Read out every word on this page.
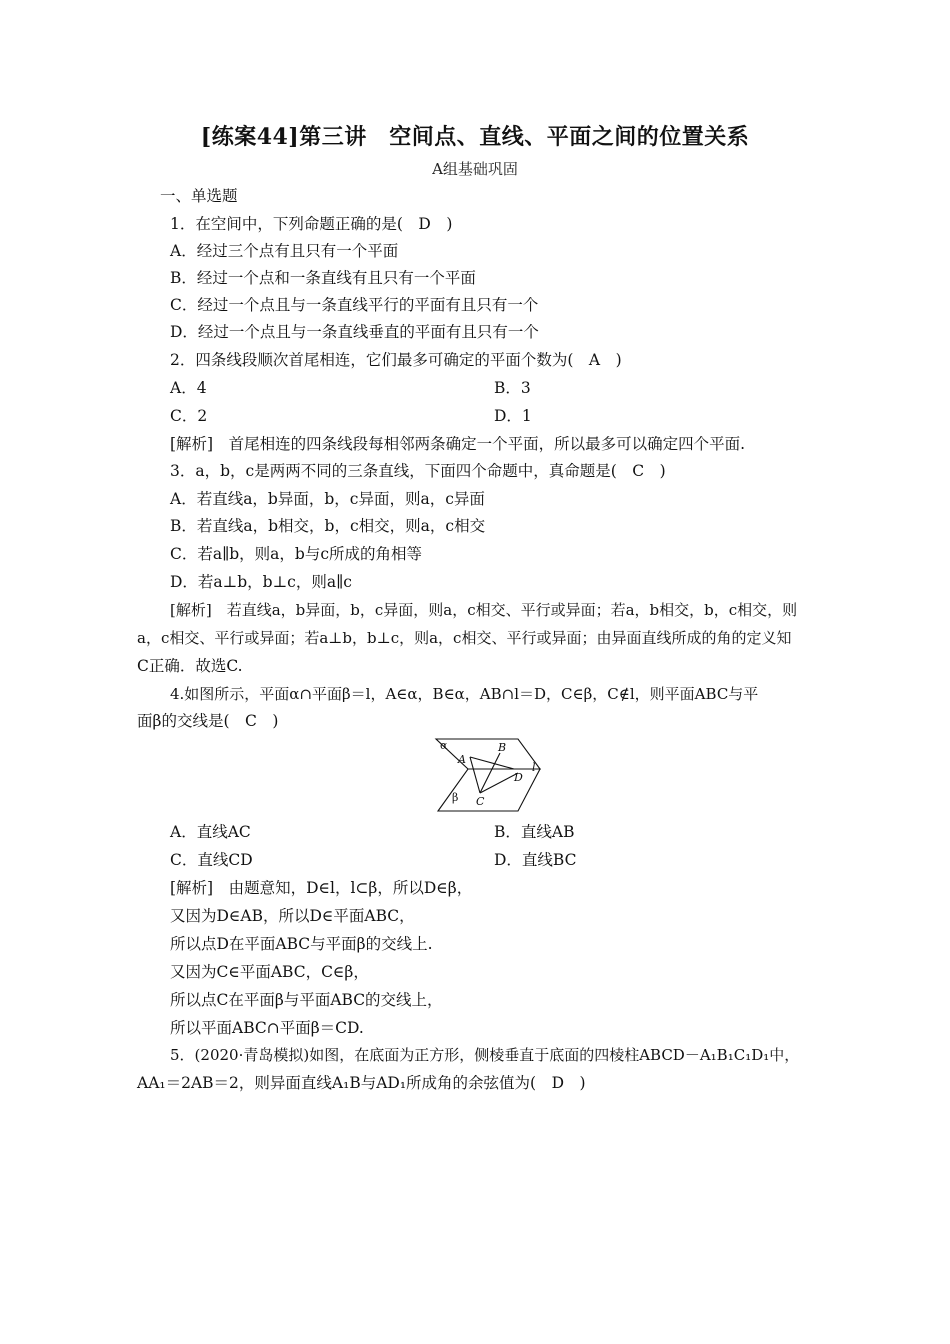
[练案44]第三讲　空间点、直线、平面之间的位置关系
A组基础巩固
一、单选题
1．在空间中，下列命题正确的是(　D　)
A．经过三个点有且只有一个平面
B．经过一个点和一条直线有且只有一个平面
C．经过一个点且与一条直线平行的平面有且只有一个
D．经过一个点且与一条直线垂直的平面有且只有一个
2．四条线段顺次首尾相连，它们最多可确定的平面个数为(　A　)
A．4	B．3
C．2	D．1
[解析]　首尾相连的四条线段每相邻两条确定一个平面，所以最多可以确定四个平面.
3．a，b，c是两两不同的三条直线，下面四个命题中，真命题是(　C　)
A．若直线a，b异面，b，c异面，则a，c异面
B．若直线a，b相交，b，c相交，则a，c相交
C．若a∥b，则a，b与c所成的角相等
D．若a⊥b，b⊥c，则a∥c
[解析]　若直线a，b异面，b，c异面，则a，c相交、平行或异面；若a，b相交，b，c相交，则
a，c相交、平行或异面；若a⊥b，b⊥c，则a，c相交、平行或异面；由异面直线所成的角的定义知
C正确．故选C.
4.如图所示，平面α∩平面β＝l，A∈α，B∈α，AB∩l＝D，C∈β，C∉l，则平面ABC与平
面β的交线是(　C　)
α
A
B
l
D
β C
A．直线AC	B．直线AB
C．直线CD	D．直线BC
[解析]　由题意知，D∈l，l⊂β，所以D∈β，
又因为D∈AB，所以D∈平面ABC，
所以点D在平面ABC与平面β的交线上.
又因为C∈平面ABC，C∈β，
所以点C在平面β与平面ABC的交线上，
所以平面ABC∩平面β＝CD.
5．(2020·青岛模拟)如图，在底面为正方形，侧棱垂直于底面的四棱柱ABCD－A₁B₁C₁D₁中，
AA₁＝2AB＝2，则异面直线A₁B与AD₁所成角的余弦值为(　D　)
